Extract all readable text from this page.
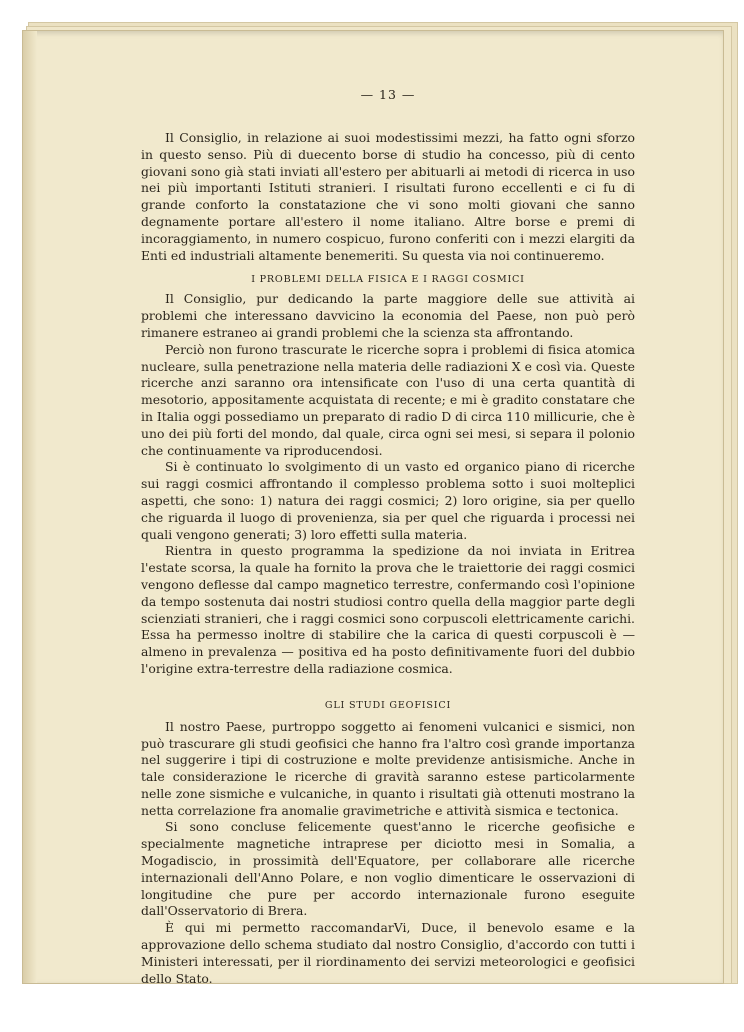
— 13 —

Il Consiglio, in relazione ai suoi modestissimi mezzi, ha fatto ogni sforzo in questo senso. Più di duecento borse di studio ha concesso, più di cento giovani sono già stati inviati all'estero per abituarli ai metodi di ricerca in uso nei più importanti Istituti stranieri. I risultati furono eccellenti e ci fu di grande conforto la constatazione che vi sono molti giovani che sanno degnamente portare all'estero il nome italiano. Altre borse e premi di incoraggiamento, in numero cospicuo, furono conferiti con i mezzi elargiti da Enti ed industriali altamente benemeriti. Su questa via noi continueremo.

I PROBLEMI DELLA FISICA E I RAGGI COSMICI

Il Consiglio, pur dedicando la parte maggiore delle sue attività ai problemi che interessano davvicino la economia del Paese, non può però rimanere estraneo ai grandi problemi che la scienza sta affrontando.

Perciò non furono trascurate le ricerche sopra i problemi di fisica atomica nucleare, sulla penetrazione nella materia delle radiazioni X e così via. Queste ricerche anzi saranno ora intensificate con l'uso di una certa quantità di mesotorio, appositamente acquistata di recente; e mi è gradito constatare che in Italia oggi possediamo un preparato di radio D di circa 110 millicurie, che è uno dei più forti del mondo, dal quale, circa ogni sei mesi, si separa il polonio che continuamente va riproducendosi.

Si è continuato lo svolgimento di un vasto ed organico piano di ricerche sui raggi cosmici affrontando il complesso problema sotto i suoi molteplici aspetti, che sono: 1) natura dei raggi cosmici; 2) loro origine, sia per quello che riguarda il luogo di provenienza, sia per quel che riguarda i processi nei quali vengono generati; 3) loro effetti sulla materia.

Rientra in questo programma la spedizione da noi inviata in Eritrea l'estate scorsa, la quale ha fornito la prova che le traiettorie dei raggi cosmici vengono deflesse dal campo magnetico terrestre, confermando così l'opinione da tempo sostenuta dai nostri studiosi contro quella della maggior parte degli scienziati stranieri, che i raggi cosmici sono corpuscoli elettricamente carichi. Essa ha permesso inoltre di stabilire che la carica di questi corpuscoli è — almeno in prevalenza — positiva ed ha posto definitivamente fuori del dubbio l'origine extra-terrestre della radiazione cosmica.

GLI STUDI GEOFISICI

Il nostro Paese, purtroppo soggetto ai fenomeni vulcanici e sismici, non può trascurare gli studi geofisici che hanno fra l'altro così grande importanza nel suggerire i tipi di costruzione e molte previdenze antisismiche. Anche in tale considerazione le ricerche di gravità saranno estese particolarmente nelle zone sismiche e vulcaniche, in quanto i risultati già ottenuti mostrano la netta correlazione fra anomalie gravimetriche e attività sismica e tectonica.

Si sono concluse felicemente quest'anno le ricerche geofisiche e specialmente magnetiche intraprese per diciotto mesi in Somalia, a Mogadiscio, in prossimità dell'Equatore, per collaborare alle ricerche internazionali dell'Anno Polare, e non voglio dimenticare le osservazioni di longitudine che pure per accordo internazionale furono eseguite dall'Osservatorio di Brera.

È qui mi permetto raccomandarVi, Duce, il benevolo esame e la approvazione dello schema studiato dal nostro Consiglio, d'accordo con tutti i Ministeri interessati, per il riordinamento dei servizi meteorologici e geofisici dello Stato.
